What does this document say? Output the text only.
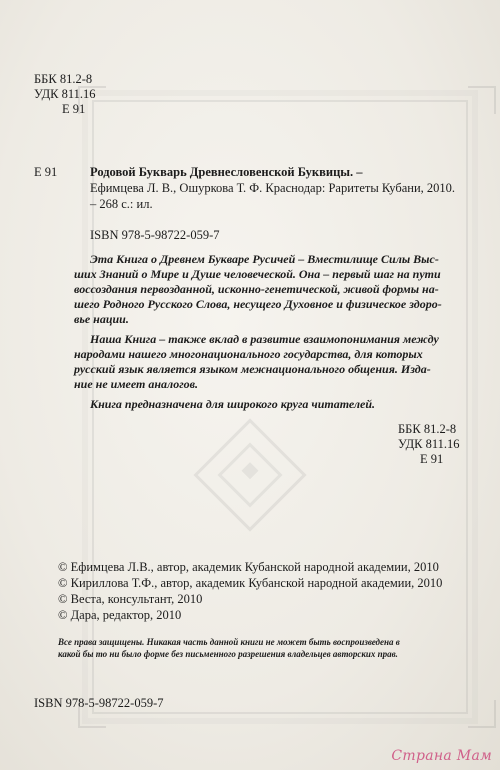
ББК 81.2-8
УДК 811.16
Е 91
Е 91	Родовой Букварь Древнесловенской Буквицы. –
Ефимцева Л. В., Ошуркова Т. Ф. Краснодар: Раритеты Кубани, 2010.
– 268 с.: ил.
ISBN 978-5-98722-059-7
Эта Книга о Древнем Букваре Русичей – Вместилище Силы Выс-
ших Знаний о Мире и Душе человеческой. Она – первый шаг на пути
воссоздания первозданной, исконно-генетической, живой формы на-
шего Родного Русского Слова, несущего Духовное и физическое здоро-
вье нации.
Наша Книга – также вклад в развитие взаимопонимания между
народами нашего многонационального государства, для которых
русский язык является языком межнационального общения. Изда-
ние не имеет аналогов.
Книга предназначена для широкого круга читателей.
ББК 81.2-8
УДК 811.16
Е 91
© Ефимцева Л.В., автор, академик Кубанской народной академии, 2010
© Кириллова Т.Ф., автор, академик Кубанской народной академии, 2010
© Веста, консультант, 2010
© Дара, редактор, 2010
Все права защищены. Никакая часть данной книги не может быть воспроизведена в
какой бы то ни было форме без письменного разрешения владельцев авторских прав.
ISBN 978-5-98722-059-7
Страна Мам
